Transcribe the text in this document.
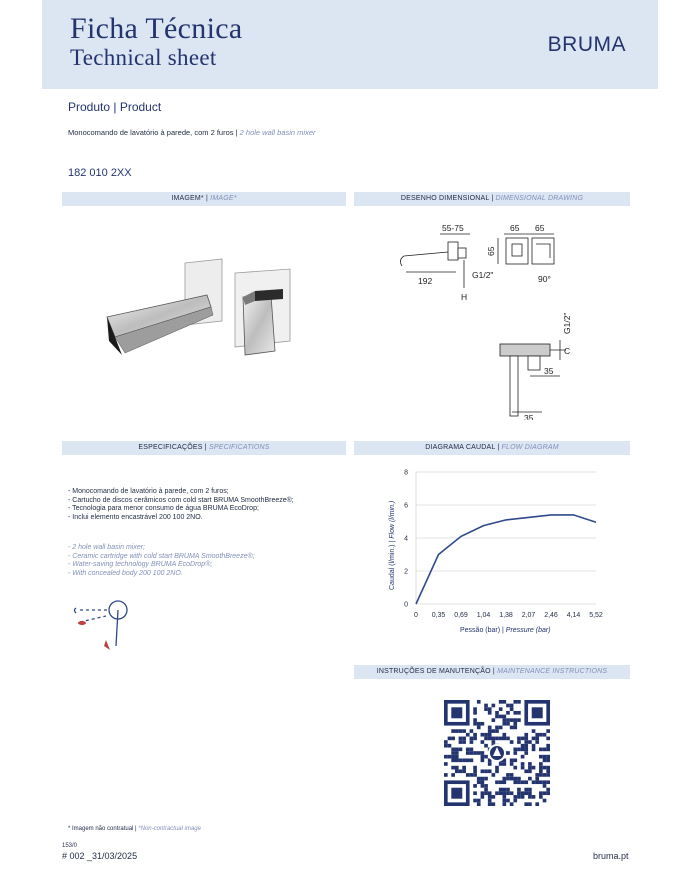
Ficha Técnica
Technical sheet
BRUMA
Produto | Product
Monocomando de lavatório à parede, com 2 furos | 2 hole wall basin mixer
182 010 2XX
IMAGEM* | IMAGE*	DESENHO DIMENSIONAL | DIMENSIONAL DRAWING
ESPECIFICAÇÕES | SPECIFICATIONS	DIAGRAMA CAUDAL | FLOW DIAGRAM
INSTRUÇÕES DE MANUTENÇÃO | MAINTENANCE INSTRUCTIONS
55-75
65
65 65
192
G1/2"
H
90°
G1/2"
C
35
35
- Monocomando de lavatório à parede, com 2 furos;
- Cartucho de discos cerâmicos com cold start BRUMA SmoothBreeze®;
- Tecnologia para menor consumo de água BRUMA EcoDrop;
- Inclui elemento encastrável 200 100 2NO.
- 2 hole wall basin mixer;
- Ceramic cartridge with cold start BRUMA SmoothBreeze®;
- Water-saving technology BRUMA EcoDrop®;
- With concealed body 200 100 2NO.
0
2
4
6
8
0 0,35 0,69 1,04 1,38 2,07 2,46 4,14 5,52
Pessão (bar) | Pressure (bar)
Caudal (l/min.) | Flow (l/min.)
* Imagem não contratual | *Non-contractual image
153/0
# 002 _31/03/2025	bruma.pt
